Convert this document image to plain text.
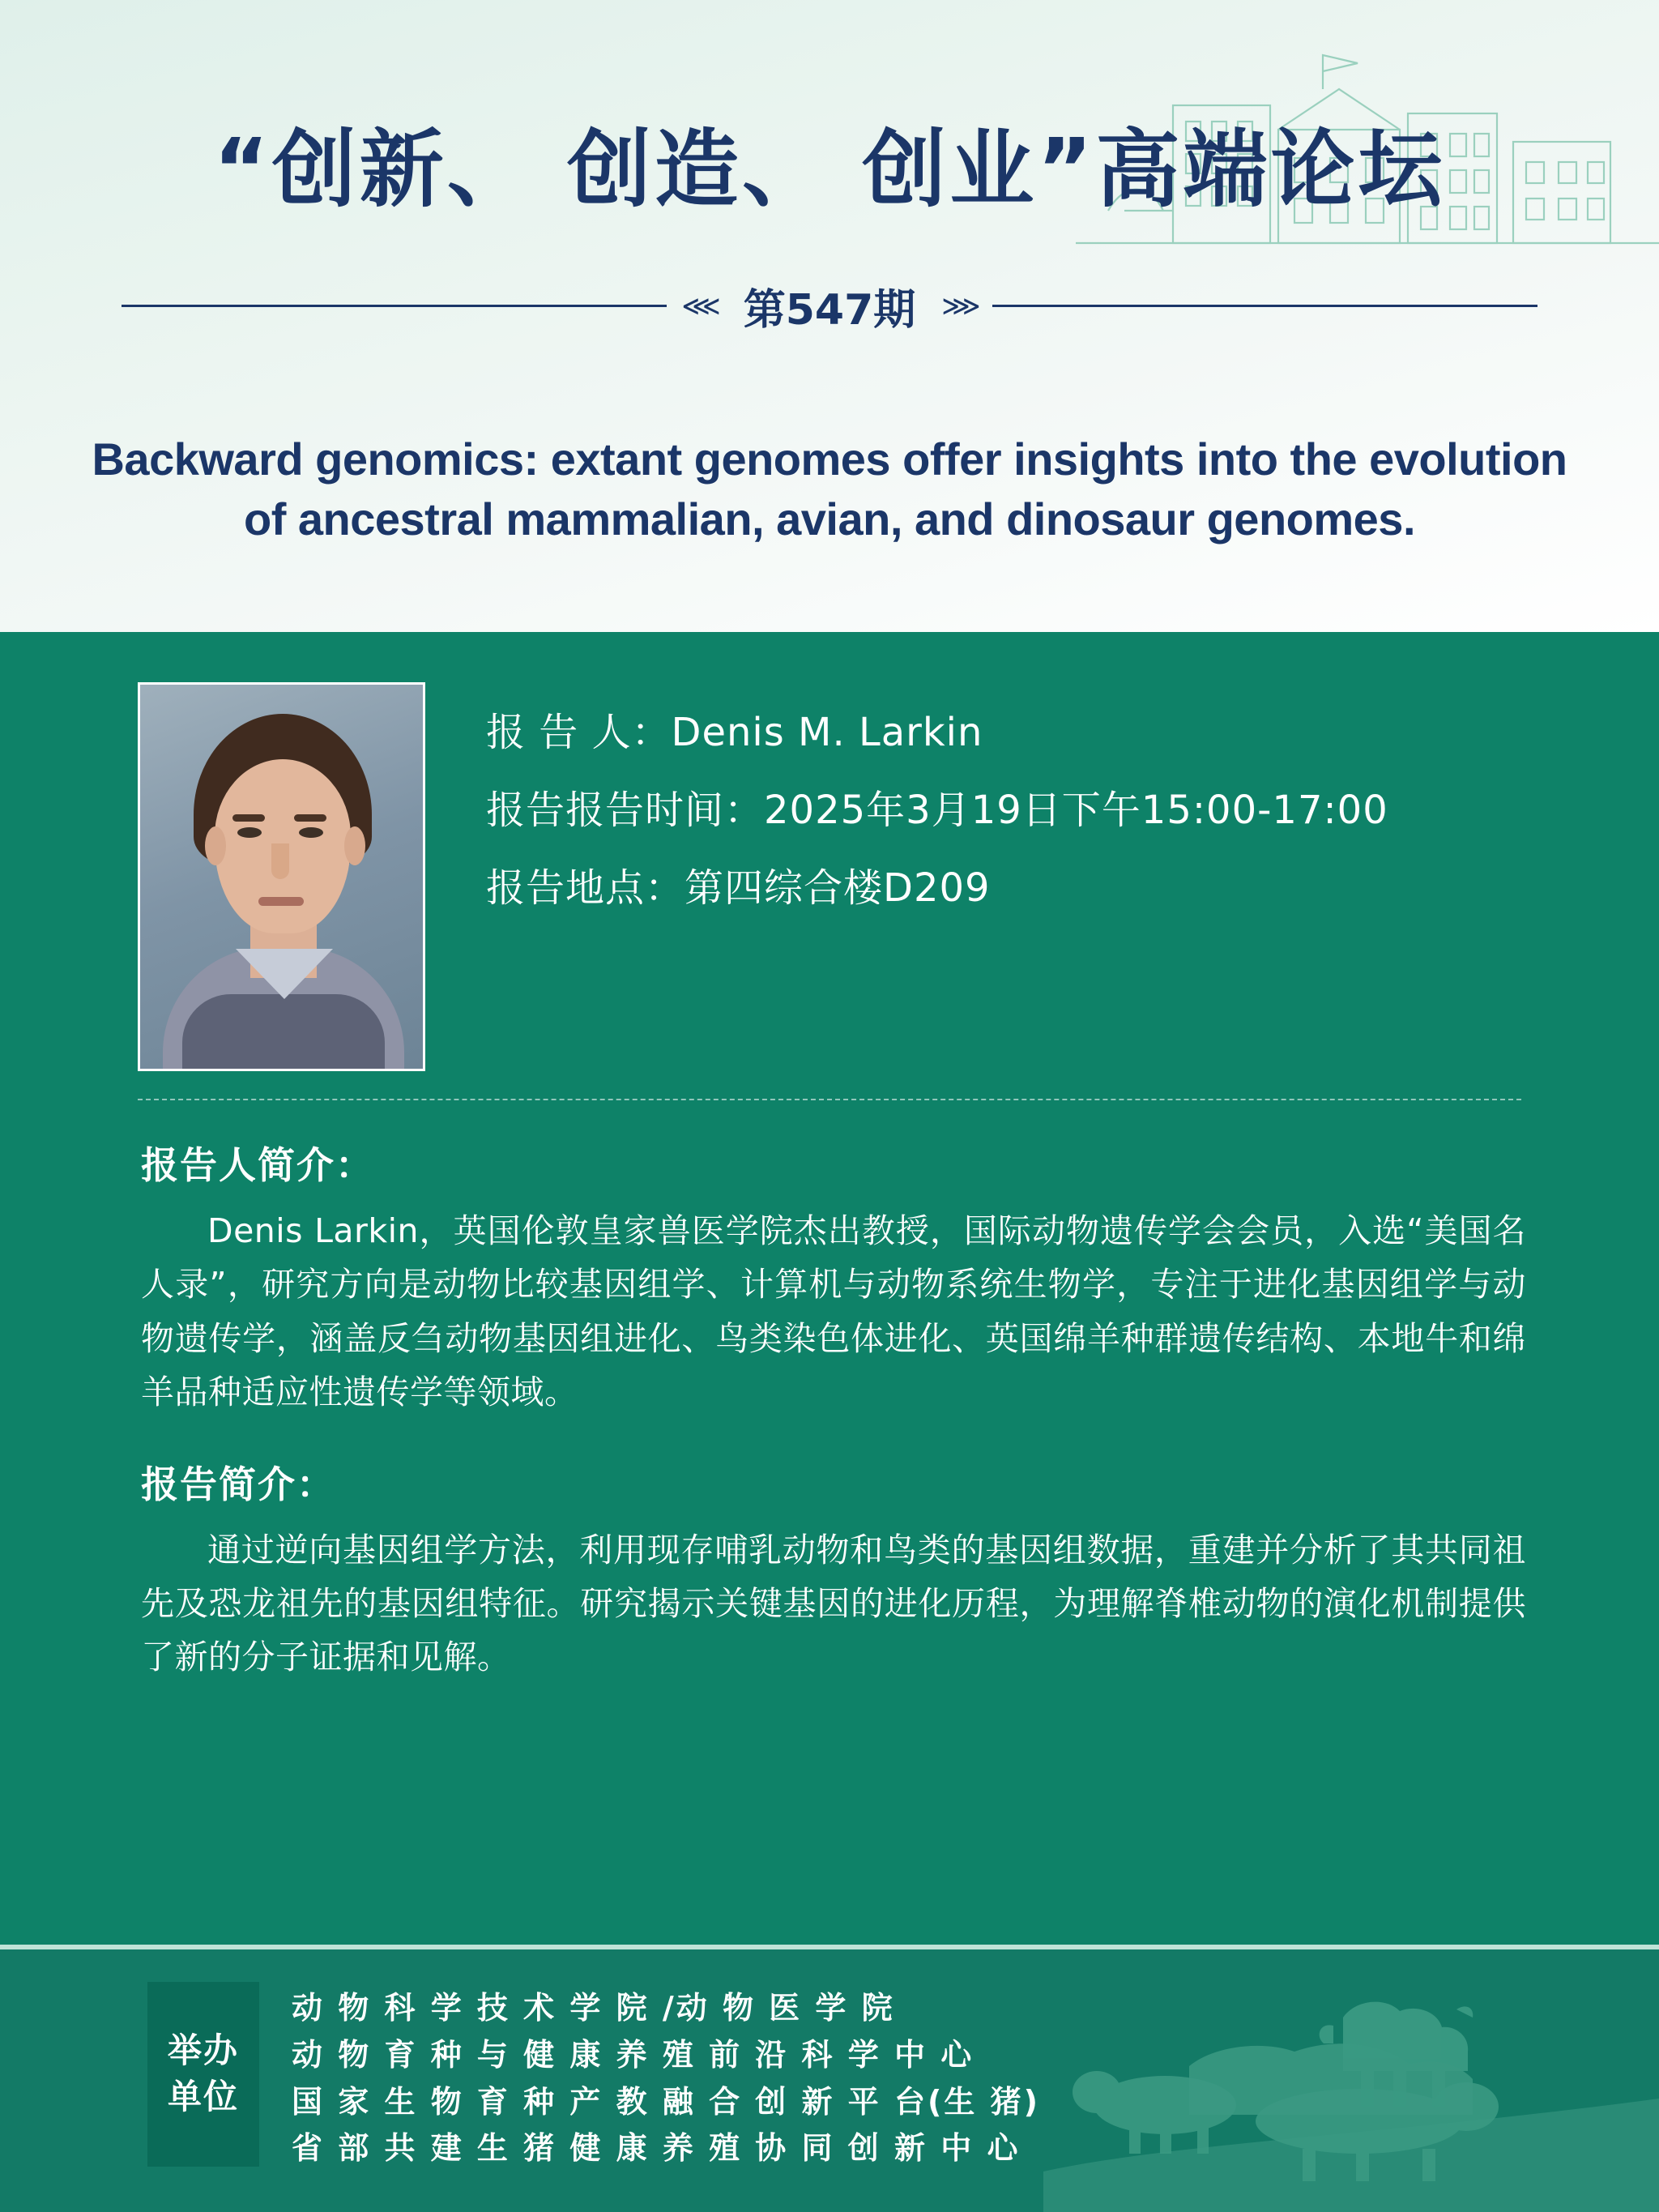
“创新、 创造、 创业”高端论坛
⋘ 第547期 ⋙
Backward genomics: extant genomes offer insights into the evolution of ancestral mammalian, avian, and dinosaur genomes.
报 告 人：Denis M. Larkin
报告报告时间：2025年3月19日下午15:00-17:00
报告地点：第四综合楼D209
报告人简介：
Denis Larkin，英国伦敦皇家兽医学院杰出教授，国际动物遗传学会会员，入选“美国名人录”，研究方向是动物比较基因组学、计算机与动物系统生物学，专注于进化基因组学与动物遗传学，涵盖反刍动物基因组进化、鸟类染色体进化、英国绵羊种群遗传结构、本地牛和绵羊品种适应性遗传学等领域。
报告简介：
通过逆向基因组学方法，利用现存哺乳动物和鸟类的基因组数据，重建并分析了其共同祖先及恐龙祖先的基因组特征。研究揭示关键基因的进化历程，为理解脊椎动物的演化机制提供了新的分子证据和见解。
举办
单位
动 物 科 学 技 术 学 院 /动 物 医 学 院
动 物 育 种 与 健 康 养 殖 前 沿 科 学 中 心
国 家 生 物 育 种 产 教 融 合 创 新 平 台(生 猪)
省 部 共 建 生 猪 健 康 养 殖 协 同 创 新 中 心
